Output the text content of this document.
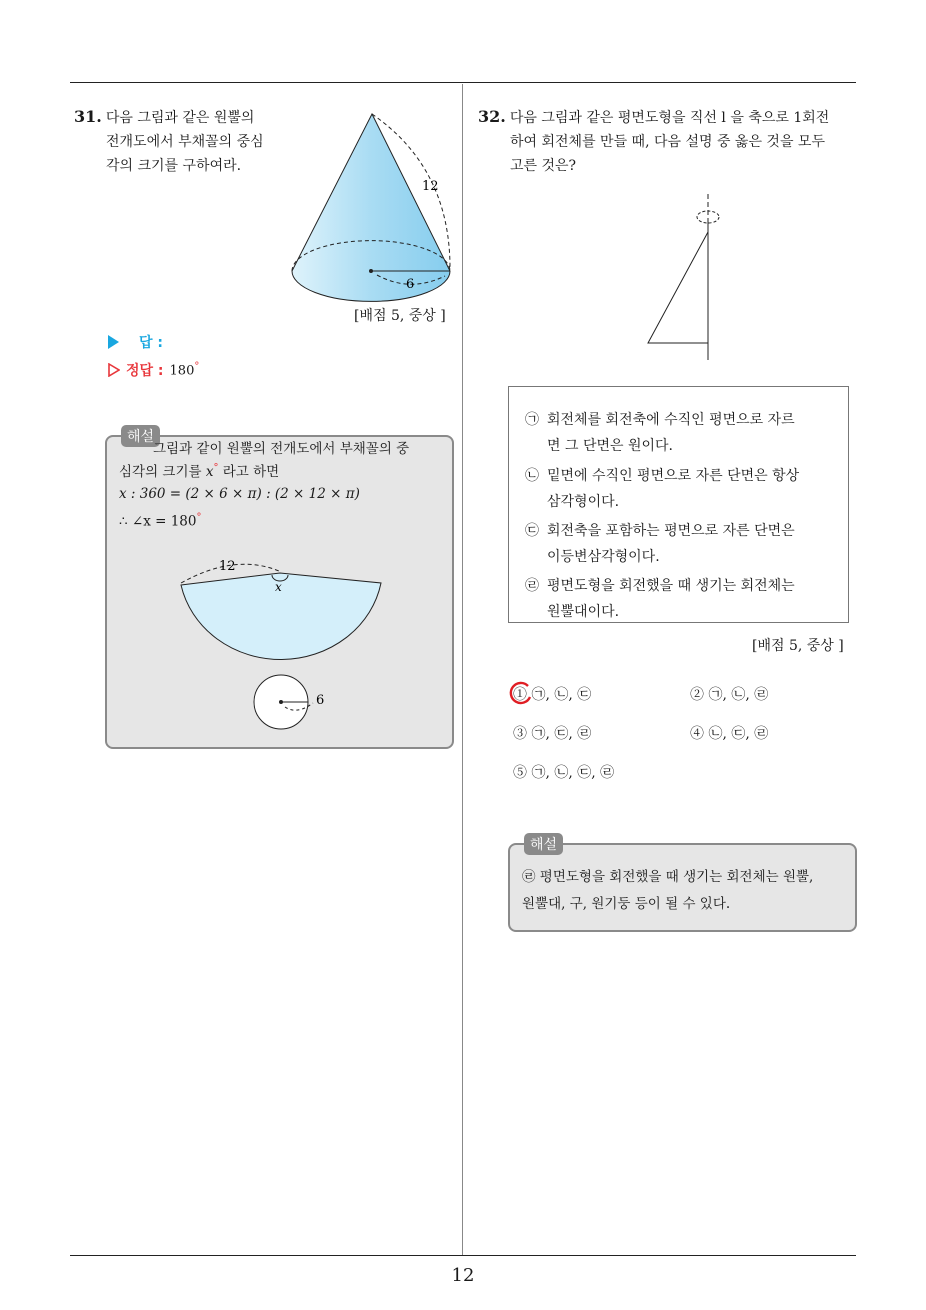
31. 다음 그림과 같은 원뿔의
전개도에서 부채꼴의 중심
각의 크기를 구하여라.
12
6
[배점 5, 중상 ]
답 :
정답 : 180°
해설
그림과 같이 원뿔의 전개도에서 부채꼴의 중
심각의 크기를 x° 라고 하면
x : 360 = (2 × 6 × π) : (2 × 12 × π)
∴ ∠x = 180°
12
x
6
32. 다음 그림과 같은 평면도형을 직선 l 을 축으로 1회전
하여 회전체를 만들 때, 다음 설명 중 옳은 것을 모두
고른 것은?
㉠ 회전체를 회전축에 수직인 평면으로 자르
면 그 단면은 원이다.
㉡ 밑면에 수직인 평면으로 자른 단면은 항상
삼각형이다.
㉢ 회전축을 포함하는 평면으로 자른 단면은
이등변삼각형이다.
㉣ 평면도형을 회전했을 때 생기는 회전체는
원뿔대이다.
[배점 5, 중상 ]
① ㉠, ㉡, ㉢	② ㉠, ㉡, ㉣
③ ㉠, ㉢, ㉣	④ ㉡, ㉢, ㉣
⑤ ㉠, ㉡, ㉢, ㉣
해설
㉣ 평면도형을 회전했을 때 생기는 회전체는 원뿔,
원뿔대, 구, 원기둥 등이 될 수 있다.
12
